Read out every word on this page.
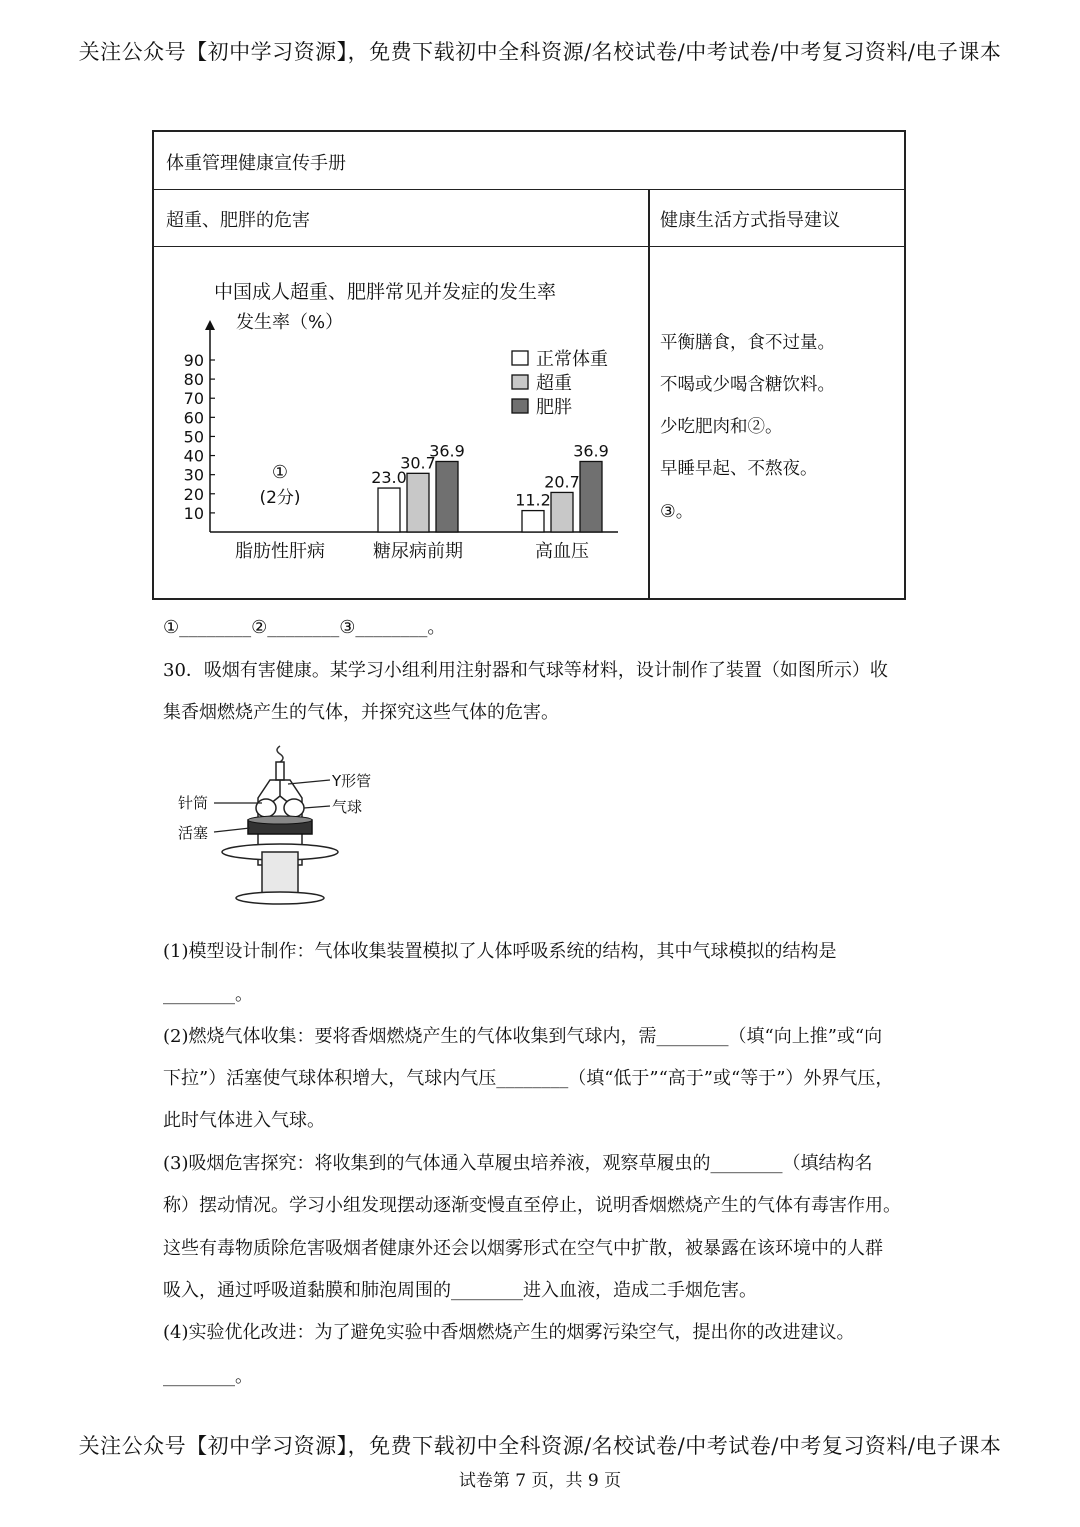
关注公众号【初中学习资源】，免费下载初中全科资源/名校试卷/中考试卷/中考复习资料/电子课本
体重管理健康宣传手册
超重、肥胖的危害	健康生活方式指导建议
平衡膳食，食不过量。
不喝或少喝含糖饮料。
少吃肥肉和②。
早睡早起、不熬夜。
③。
中国成人超重、肥胖常见并发症的发生率
发生率（%）
10
20
30
40
50
60
70
80
90
23.0
11.2
30.7
20.7
36.9	36.9
脂肪性肝病	糖尿病前期	高血压
正常体重
超重
肥胖
①
(2分)
①________②________③________。
30．吸烟有害健康。某学习小组利用注射器和气球等材料，设计制作了装置（如图所示）收
集香烟燃烧产生的气体，并探究这些气体的危害。
Y形管
气球
针筒
活塞
(1)模型设计制作：气体收集装置模拟了人体呼吸系统的结构，其中气球模拟的结构是
________。
(2)燃烧气体收集：要将香烟燃烧产生的气体收集到气球内，需________（填“向上推”或“向
下拉”）活塞使气球体积增大，气球内气压________（填“低于”“高于”或“等于”）外界气压，
此时气体进入气球。
(3)吸烟危害探究：将收集到的气体通入草履虫培养液，观察草履虫的________（填结构名
称）摆动情况。学习小组发现摆动逐渐变慢直至停止，说明香烟燃烧产生的气体有毒害作用。
这些有毒物质除危害吸烟者健康外还会以烟雾形式在空气中扩散，被暴露在该环境中的人群
吸入，通过呼吸道黏膜和肺泡周围的________进入血液，造成二手烟危害。
(4)实验优化改进：为了避免实验中香烟燃烧产生的烟雾污染空气，提出你的改进建议。
________。
关注公众号【初中学习资源】，免费下载初中全科资源/名校试卷/中考试卷/中考复习资料/电子课本
试卷第 7 页，共 9 页
